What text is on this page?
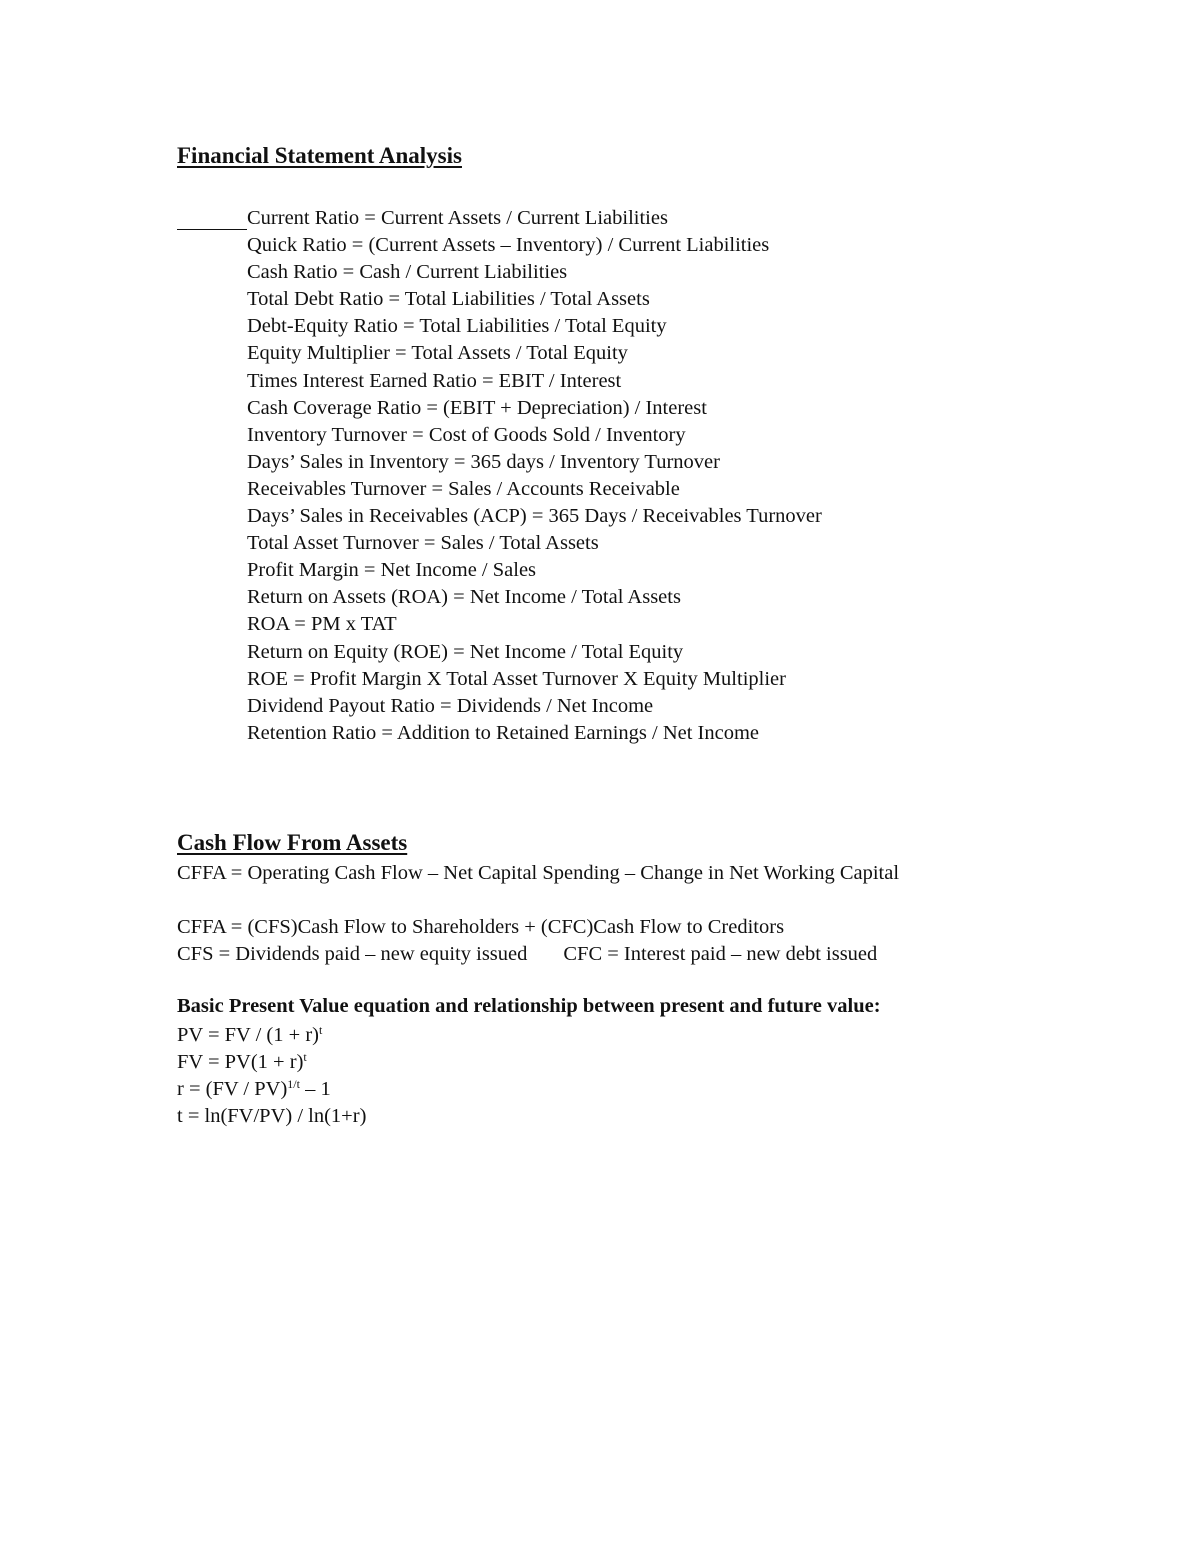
Financial Statement Analysis
Current Ratio = Current Assets / Current Liabilities
Quick Ratio = (Current Assets – Inventory) / Current Liabilities
Cash Ratio = Cash / Current Liabilities
Total Debt Ratio = Total Liabilities / Total Assets
Debt-Equity Ratio = Total Liabilities / Total Equity
Equity Multiplier = Total Assets / Total Equity
Times Interest Earned Ratio = EBIT / Interest
Cash Coverage Ratio = (EBIT + Depreciation) / Interest
Inventory Turnover = Cost of Goods Sold / Inventory
Days’ Sales in Inventory = 365 days / Inventory Turnover
Receivables Turnover = Sales / Accounts Receivable
Days’ Sales in Receivables (ACP) = 365 Days / Receivables Turnover
Total Asset Turnover = Sales / Total Assets
Profit Margin = Net Income / Sales
Return on Assets (ROA) = Net Income / Total Assets
ROA = PM x TAT
Return on Equity (ROE) = Net Income / Total Equity
ROE = Profit Margin X Total Asset Turnover X Equity Multiplier
Dividend Payout Ratio = Dividends / Net Income
Retention Ratio = Addition to Retained Earnings / Net Income
Cash Flow From Assets
CFFA = Operating Cash Flow – Net Capital Spending – Change in Net Working Capital
CFFA = (CFS)Cash Flow to Shareholders + (CFC)Cash Flow to Creditors
CFS = Dividends paid – new equity issued CFC = Interest paid – new debt issued
Basic Present Value equation and relationship between present and future value:
PV = FV / $(1 + r)^t$
FV = $PV(1 + r)^t$
r = (FV / PV)$^{1/t}$ – 1
t = ln(FV/PV) / ln(1+r)
